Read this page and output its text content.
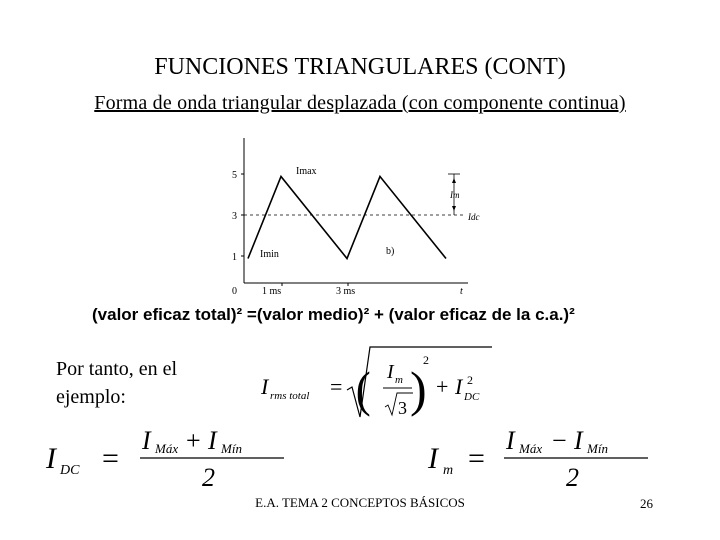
FUNCIONES TRIANGULARES (CONT)
Forma de onda triangular desplazada (con componente continua)
5
3
1
0	1 ms	3 ms	t
Imax
Imin	b)
Im
Idc
(valor eficaz total)² =(valor medio)² + (valor eficaz de la c.a.)²
Por tanto, en el ejemplo:	I rms total = ( )
I m
3
2
+ I 2
DC
I DC =
I Máx + I Mín
2
I m =
I Máx − I Mín
2
E.A. TEMA 2 CONCEPTOS BÁSICOS	26
